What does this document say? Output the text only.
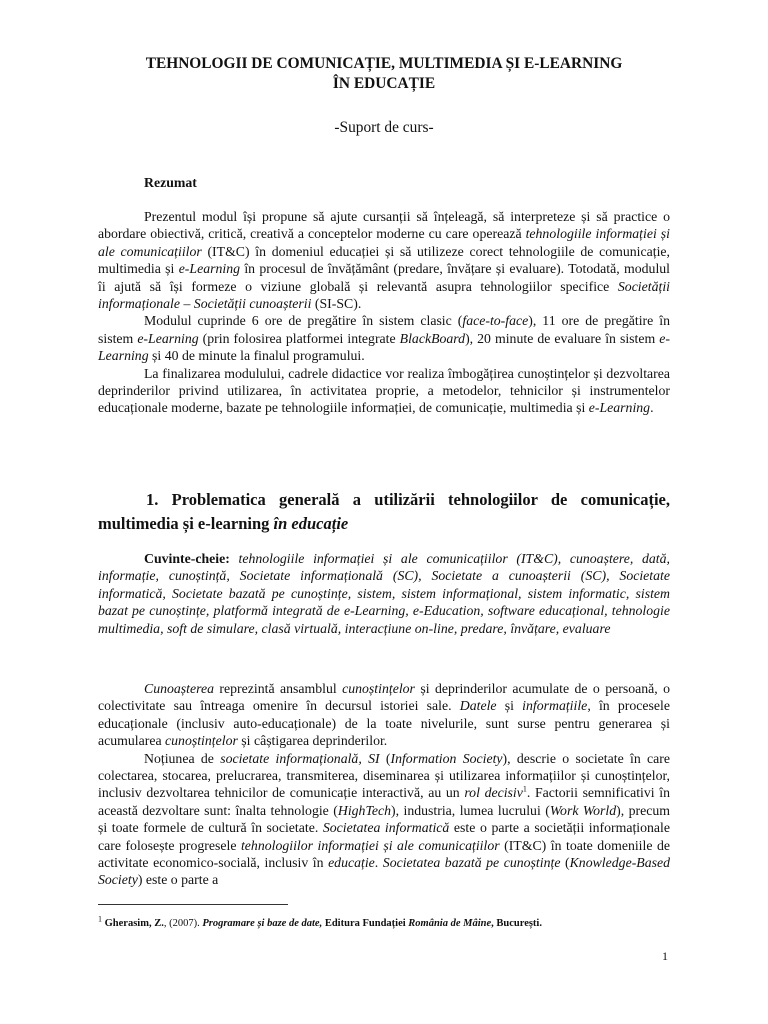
TEHNOLOGII DE COMUNICAȚIE, MULTIMEDIA ȘI E-LEARNING
ÎN EDUCAȚIE
-Suport de curs-
Rezumat

Prezentul modul își propune să ajute cursanții să înțeleagă, să interpreteze și să practice o abordare obiectivă, critică, creativă a conceptelor moderne cu care operează tehnologiile informației și ale comunicațiilor (IT&C) în domeniul educației și să utilizeze corect tehnologiile de comunicație, multimedia și e-Learning în procesul de învățământ (predare, învățare și evaluare). Totodată, modulul îi ajută să își formeze o viziune globală și relevantă asupra tehnologiilor specifice Societății informaționale – Societății cunoașterii (SI-SC).

Modulul cuprinde 6 ore de pregătire în sistem clasic (face-to-face), 11 ore de pregătire în sistem e-Learning (prin folosirea platformei integrate BlackBoard), 20 minute de evaluare în sistem e-Learning și 40 de minute la finalul programului.

La finalizarea modulului, cadrele didactice vor realiza îmbogățirea cunoștințelor și dezvoltarea deprinderilor privind utilizarea, în activitatea proprie, a metodelor, tehnicilor și instrumentelor educaționale moderne, bazate pe tehnologiile informației, de comunicație, multimedia și e-Learning.

1. Problematica generală a utilizării tehnologiilor de comunicație, multimedia și e-learning în educație
Cuvinte-cheie: tehnologiile informației și ale comunicațiilor (IT&C), cunoaștere, dată, informație, cunoștință, Societate informațională (SC), Societate a cunoașterii (SC), Societate informatică, Societate bazată pe cunoștințe, sistem, sistem informațional, sistem informatic, sistem bazat pe cunoștințe, platformă integrată de e-Learning, e-Education, software educațional, tehnologie multimedia, soft de simulare, clasă virtuală, interacțiune on-line, predare, învățare, evaluare

Cunoașterea reprezintă ansamblul cunoștințelor și deprinderilor acumulate de o persoană, o colectivitate sau întreaga omenire în decursul istoriei sale. Datele și informațiile, în procesele educaționale (inclusiv auto-educaționale) de la toate nivelurile, sunt surse pentru generarea și acumularea cunoștințelor și câștigarea deprinderilor.

Noțiunea de societate informațională, SI (Information Society), descrie o societate în care colectarea, stocarea, prelucrarea, transmiterea, diseminarea și utilizarea informațiilor și cunoștințelor, inclusiv dezvoltarea tehnicilor de comunicație interactivă, au un rol decisiv$^1$. Factorii semnificativi în această dezvoltare sunt: înalta tehnologie (HighTech), industria, lumea lucrului (Work World), precum și toate formele de cultură în societate. Societatea informatică este o parte a societății informaționale care folosește progresele tehnologiilor informației și ale comunicațiilor (IT&C) în toate domeniile de activitate economico-socială, inclusiv în educație. Societatea bazată pe cunoștințe (Knowledge-Based Society) este o parte a

$^1$ Gherasim, Z., (2007). Programare și baze de date, Editura Fundației România de Mâine, București.
1
